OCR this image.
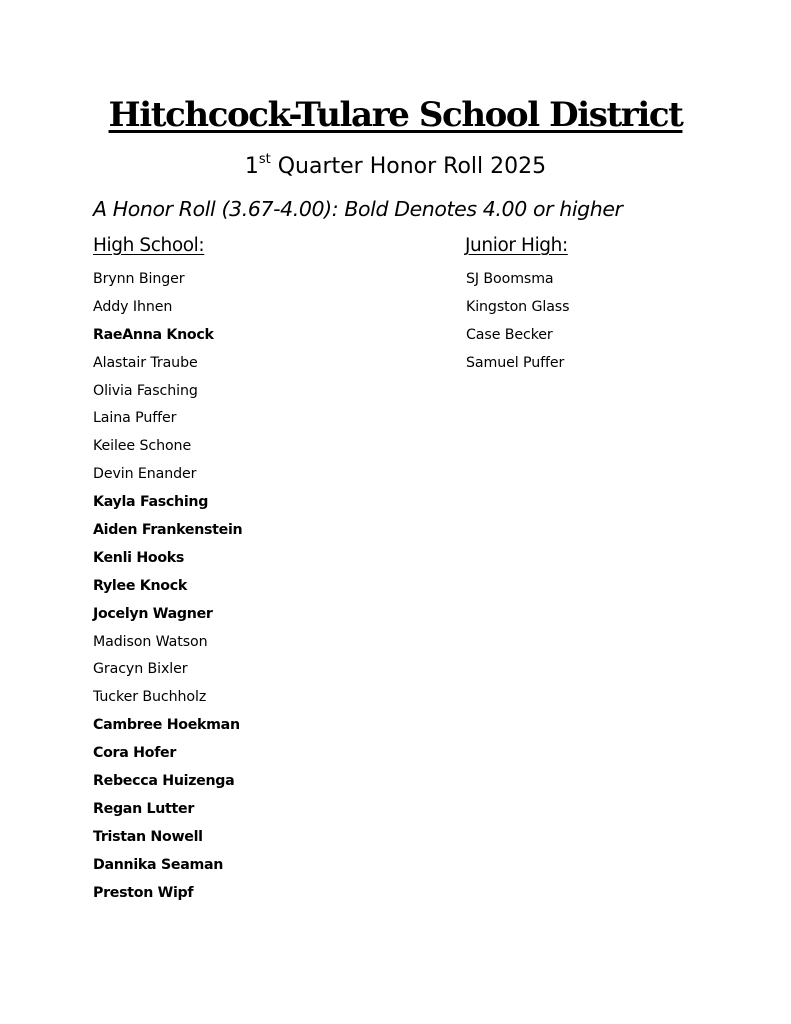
Hitchcock-Tulare School District
1st Quarter Honor Roll 2025
A Honor Roll (3.67-4.00): Bold Denotes 4.00 or higher
High School:	Junior High:
Brynn Binger
Addy Ihnen
RaeAnna Knock
Alastair Traube
Olivia Fasching
Laina Puffer
Keilee Schone
Devin Enander
Kayla Fasching
Aiden Frankenstein
Kenli Hooks
Rylee Knock
Jocelyn Wagner
Madison Watson
Gracyn Bixler
Tucker Buchholz
Cambree Hoekman
Cora Hofer
Rebecca Huizenga
Regan Lutter
Tristan Nowell
Dannika Seaman
Preston Wipf
SJ Boomsma
Kingston Glass
Case Becker
Samuel Puffer
